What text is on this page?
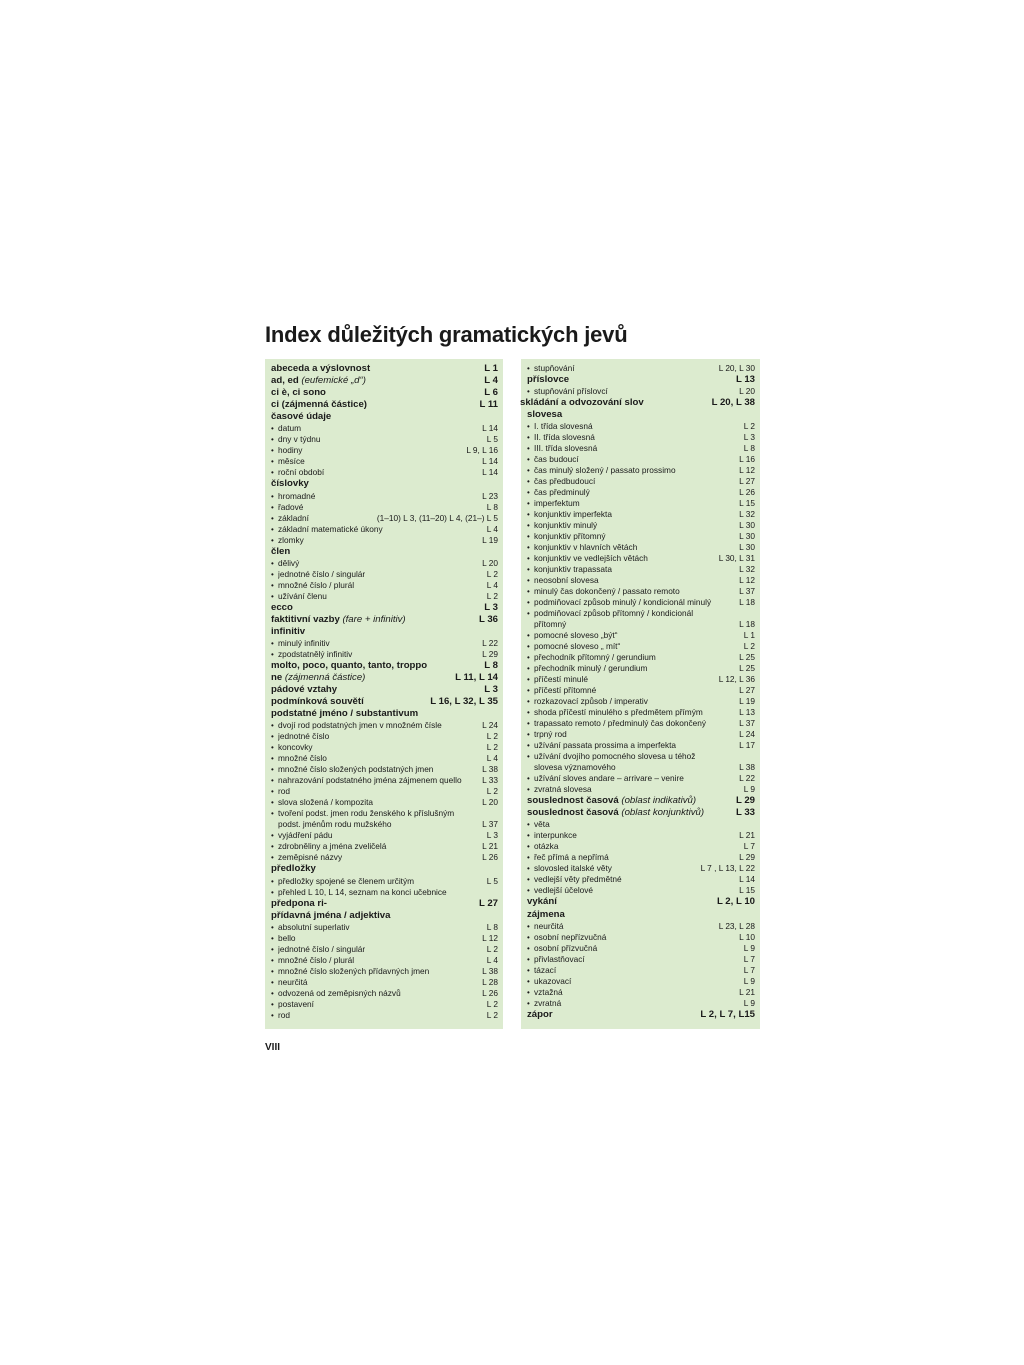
Index důležitých gramatických jevů
abeceda a výslovnost	L 1
ad, ed (eufemické „d“)	L 4
ci è, ci sono	L 6
ci (zájmenná částice)	L 11
časové údaje
• datum	L 14
• dny v týdnu	L 5
• hodiny	L 9, L 16
• měsíce	L 14
• roční období	L 14
číslovky
• hromadné	L 23
• řadové	L 8
• základní	(1–10) L 3, (11–20) L 4, (21–) L 5
• základní matematické úkony	L 4
• zlomky	L 19
člen
• dělivý	L 20
• jednotné číslo / singulár	L 2
• množné číslo / plurál	L 4
• užívání členu	L 2
ecco	L 3
faktitivní vazby (fare + infinitiv)	L 36
infinitiv
• minulý infinitiv	L 22
• zpodstatnělý infinitiv	L 29
molto, poco, quanto, tanto, troppo	L 8
ne (zájmenná částice)	L 11, L 14
pádové vztahy	L 3
podmínková souvětí	L 16, L 32, L 35
podstatné jméno / substantivum
• dvojí rod podstatných jmen v množném čísle	L 24
• jednotné číslo	L 2
• koncovky	L 2
• množné číslo	L 4
• množné číslo složených podstatných jmen	L 38
• nahrazování podstatného jména zájmenem quello	L 33
• rod	L 2
• slova složená / kompozita	L 20
• tvoření podst. jmen rodu ženského k příslušným
podst. jménům rodu mužského	L 37
• vyjádření pádu	L 3
• zdrobněliny a jména zveličelá	L 21
• zeměpisné názvy	L 26
předložky
• předložky spojené se členem určitým	L 5
• přehled L 10, L 14, seznam na konci učebnice
předpona ri-	L 27
přídavná jména / adjektiva
• absolutní superlativ	L 8
• bello	L 12
• jednotné číslo / singulár	L 2
• množné číslo / plurál	L 4
• množné číslo složených přídavných jmen	L 38
• neurčitá	L 28
• odvozená od zeměpisných názvů	L 26
• postavení	L 2
• rod	L 2
• stupňování	L 20, L 30
příslovce	L 13
• stupňování příslovcí	L 20
skládání a odvozování slov	L 20, L 38
slovesa
• I. třída slovesná	L 2
• II. třída slovesná	L 3
• III. třída slovesná	L 8
• čas budoucí	L 16
• čas minulý složený / passato prossimo	L 12
• čas předbudoucí	L 27
• čas předminulý	L 26
• imperfektum	L 15
• konjunktiv imperfekta	L 32
• konjunktiv minulý	L 30
• konjunktiv přítomný	L 30
• konjunktiv v hlavních větách	L 30
• konjunktiv ve vedlejších větách	L 30, L 31
• konjunktiv trapassata	L 32
• neosobní slovesa	L 12
• minulý čas dokončený / passato remoto	L 37
• podmiňovací způsob minulý / kondicionál minulý	L 18
• podmiňovací způsob přítomný / kondicionál
přítomný	L 18
• pomocné sloveso „být“	L 1
• pomocné sloveso „ mít“	L 2
• přechodník přítomný / gerundium	L 25
• přechodník minulý / gerundium	L 25
• příčestí minulé	L 12, L 36
• příčestí přítomné	L 27
• rozkazovací způsob / imperativ	L 19
• shoda příčestí minulého s předmětem přímým	L 13
• trapassato remoto / předminulý čas dokončený	L 37
• trpný rod	L 24
• užívání passata prossima a imperfekta	L 17
• užívání dvojího pomocného slovesa u téhož
slovesa významového	L 38
• užívání sloves andare – arrivare – venire	L 22
• zvratná slovesa	L 9
souslednost časová (oblast indikativů)	L 29
souslednost časová (oblast konjunktivů)	L 33
• věta
• interpunkce	L 21
• otázka	L 7
• řeč přímá a nepřímá	L 29
• slovosled italské věty	L 7 , L 13, L 22
• vedlejší věty předmětné	L 14
• vedlejší účelové	L 15
vykání	L 2, L 10
zájmena
• neurčitá	L 23, L 28
• osobní nepřízvučná	L 10
• osobní přízvučná	L 9
• přivlastňovací	L 7
• tázací	L 7
• ukazovací	L 9
• vztažná	L 21
• zvratná	L 9
zápor	L 2, L 7, L15
VIII
